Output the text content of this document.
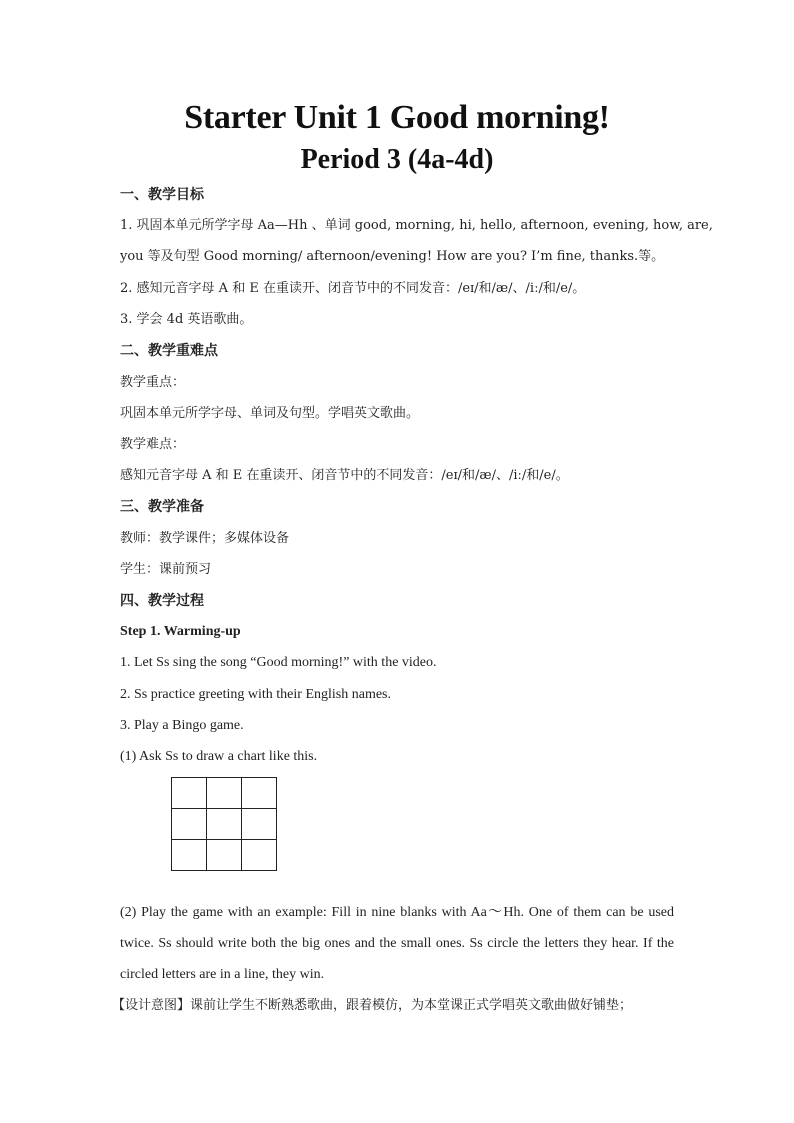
Starter Unit 1 Good morning!
Period 3 (4a-4d)
一、教学目标
1. 巩固本单元所学字母 Aa—Hh 、单词 good, morning, hi, hello, afternoon, evening, how, are,
you 等及句型 Good morning/ afternoon/evening! How are you? I’m fine, thanks.等。
2. 感知元音字母 A 和 E 在重读开、闭音节中的不同发音：/eɪ/和/æ/、/iː/和/e/。
3. 学会 4d 英语歌曲。
二、教学重难点
教学重点：
巩固本单元所学字母、单词及句型。学唱英文歌曲。
教学难点：
感知元音字母 A 和 E 在重读开、闭音节中的不同发音：/eɪ/和/æ/、/iː/和/e/。
三、教学准备
教师：教学课件；多媒体设备
学生：课前预习
四、教学过程
Step 1. Warming-up
1. Let Ss sing the song “Good morning!” with the video.
2. Ss practice greeting with their English names.
3. Play a Bingo game.
(1) Ask Ss to draw a chart like this.

(2) Play the game with an example: Fill in nine blanks with Aa～Hh. One of them can be used
twice. Ss should write both the big ones and the small ones. Ss circle the letters they hear. If the
circled letters are in a line, they win.
【设计意图】课前让学生不断熟悉歌曲，跟着模仿，为本堂课正式学唱英文歌曲做好铺垫；
